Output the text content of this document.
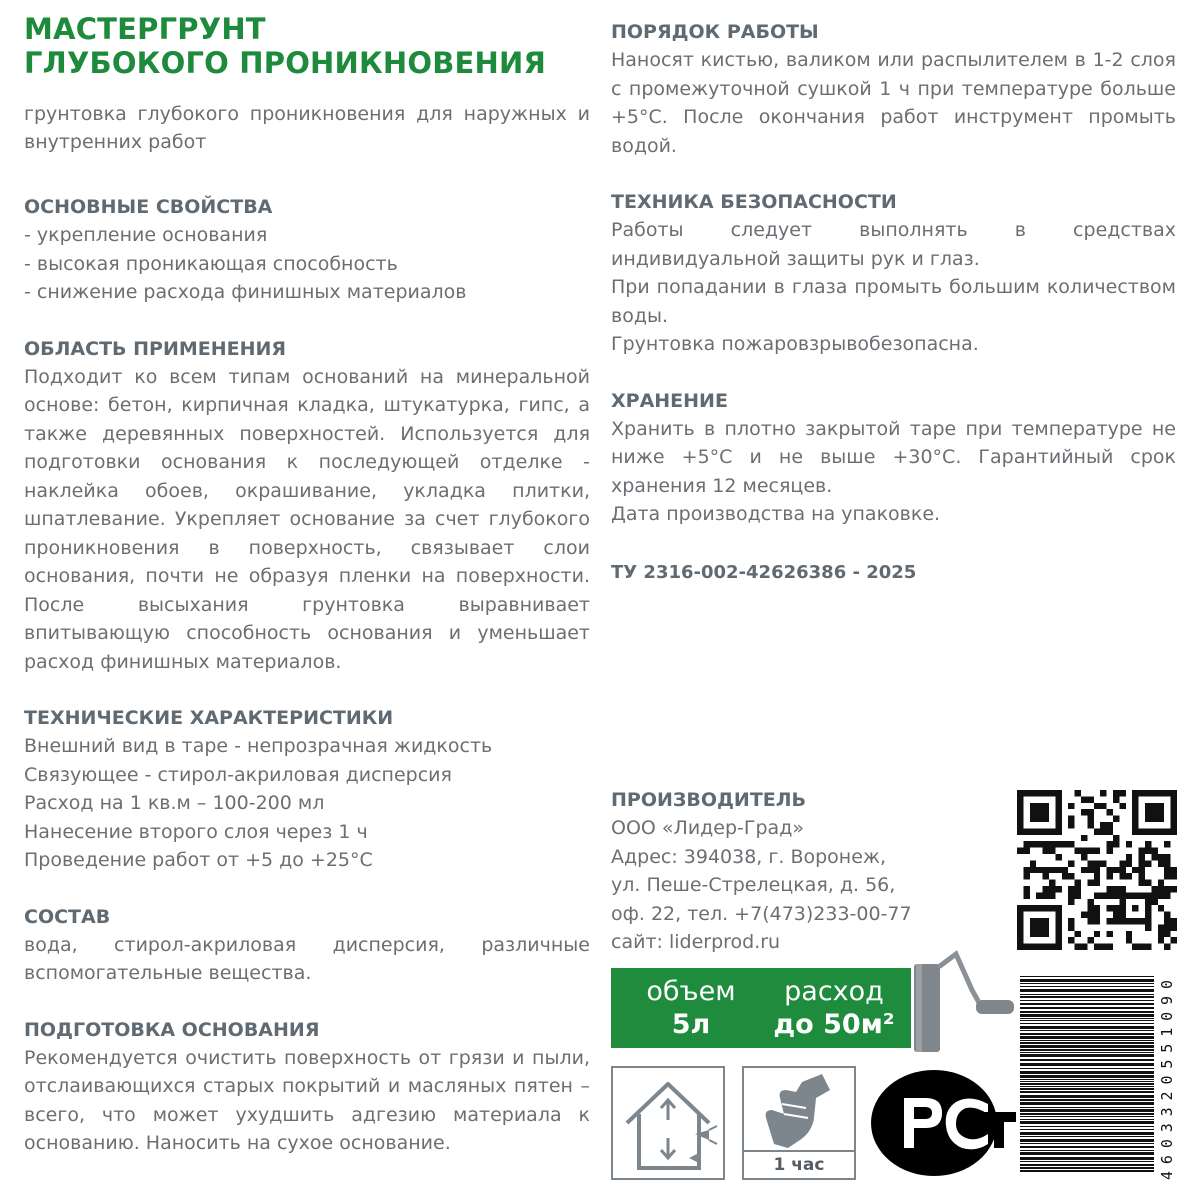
МАСТЕРГРУНТ
ГЛУБОКОГО ПРОНИКНОВЕНИЯ

грунтовка глубокого проникновения для наружных и внутренних работ

ОСНОВНЫЕ СВОЙСТВА
- укрепление основания
- высокая проникающая способность
- снижение расхода финишных материалов
ОБЛАСТЬ ПРИМЕНЕНИЯ

Подходит ко всем типам оснований на минеральной основе: бетон, кирпичная кладка, штукатурка, гипс, а также деревянных поверхностей. Используется для подготовки основания к последующей отделке - наклейка обоев, окрашивание, укладка плитки, шпатлевание. Укрепляет основание за счет глубокого проникновения в поверхность, связывает слои основания, почти не образуя пленки на поверхности. После высыхания грунтовка выравнивает впитывающую способность основания и уменьшает расход финишных материалов.

ТЕХНИЧЕСКИЕ ХАРАКТЕРИСТИКИ
Внешний вид в таре - непрозрачная жидкость
Связующее - стирол-акриловая дисперсия
Расход на 1 кв.м – 100-200 мл
Нанесение второго слоя через 1 ч
Проведение работ от +5 до +25°С
СОСТАВ

вода, стирол-акриловая дисперсия, различные вспомогательные вещества.

ПОДГОТОВКА ОСНОВАНИЯ

Рекомендуется очистить поверхность от грязи и пыли, отслаивающихся старых покрытий и масляных пятен – всего, что может ухудшить адгезию материала к основанию. Наносить на сухое основание.

ПОРЯДОК РАБОТЫ

Наносят кистью, валиком или распылителем в 1-2 слоя с промежуточной сушкой 1 ч при температуре больше +5°С. После окончания работ инструмент промыть водой.

ТЕХНИКА БЕЗОПАСНОСТИ

Работы следует выполнять в средствах индивидуальной защиты рук и глаз.

При попадании в глаза промыть большим количеством воды.

Грунтовка пожаровзрывобезопасна.

ХРАНЕНИЕ

Хранить в плотно закрытой таре при температуре не ниже +5°С и не выше +30°С. Гарантийный срок хранения 12 месяцев.

Дата производства на упаковке.

ТУ 2316-002-42626386 - 2025
ПРОИЗВОДИТЕЛЬ
ООО «Лидер-Град»
Адрес: 394038, г. Воронеж,
ул. Пеше-Стрелецкая, д. 56,
оф. 22, тел. +7(473)233-00-77
сайт: liderprod.ru
объем
5л
расход
до 50м²
4603320551090
1 час
